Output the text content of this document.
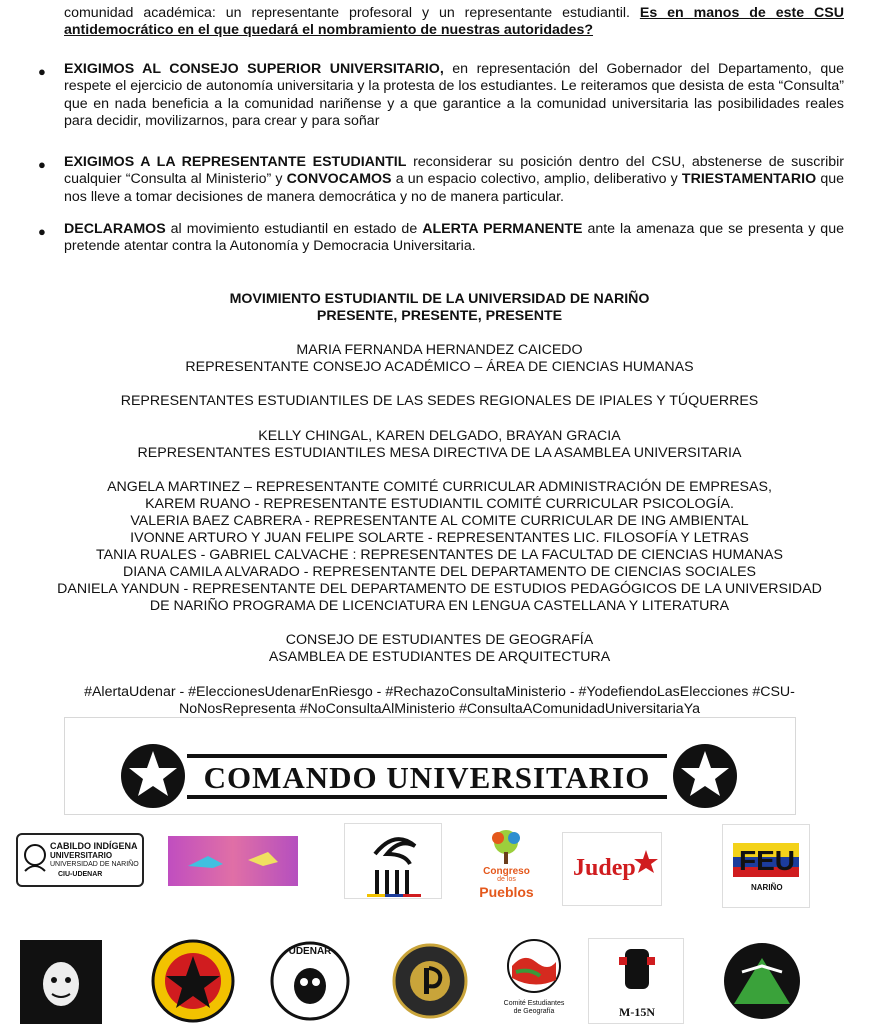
comunidad académica: un representante profesoral y un representante estudiantil. Es en manos de este CSU antidemocrático en el que quedará el nombramiento de nuestras autoridades?
● EXIGIMOS AL CONSEJO SUPERIOR UNIVERSITARIO, en representación del Gobernador del Departamento, que respete el ejercicio de autonomía universitaria y la protesta de los estudiantes. Le reiteramos que desista de esta “Consulta” que en nada beneficia a la comunidad nariñense y a que garantice a la comunidad universitaria las posibilidades reales para decidir, movilizarnos, para crear y para soñar
● EXIGIMOS A LA REPRESENTANTE ESTUDIANTIL reconsiderar su posición dentro del CSU, abstenerse de suscribir cualquier “Consulta al Ministerio” y CONVOCAMOS a un espacio colectivo, amplio, deliberativo y TRIESTAMENTARIO que nos lleve a tomar decisiones de manera democrática y no de manera particular.
● DECLARAMOS al movimiento estudiantil en estado de ALERTA PERMANENTE ante la amenaza que se presenta y que pretende atentar contra la Autonomía y Democracia Universitaria.
MOVIMIENTO ESTUDIANTIL DE LA UNIVERSIDAD DE NARIÑO
PRESENTE, PRESENTE, PRESENTE
MARIA FERNANDA HERNANDEZ CAICEDO
REPRESENTANTE CONSEJO ACADÉMICO – ÁREA DE CIENCIAS HUMANAS
REPRESENTANTES ESTUDIANTILES DE LAS SEDES REGIONALES DE IPIALES Y TÚQUERRES
KELLY CHINGAL, KAREN DELGADO, BRAYAN GRACIA
REPRESENTANTES ESTUDIANTILES MESA DIRECTIVA DE LA ASAMBLEA UNIVERSITARIA
ANGELA MARTINEZ – REPRESENTANTE COMITÉ CURRICULAR ADMINISTRACIÓN DE EMPRESAS,
KAREM RUANO - REPRESENTANTE ESTUDIANTIL COMITÉ CURRICULAR PSICOLOGÍA.
VALERIA BAEZ CABRERA - REPRESENTANTE AL COMITE CURRICULAR DE ING AMBIENTAL
IVONNE ARTURO Y JUAN FELIPE SOLARTE - REPRESENTANTES LIC. FILOSOFÍA Y LETRAS
TANIA RUALES - GABRIEL CALVACHE : REPRESENTANTES DE LA FACULTAD DE CIENCIAS HUMANAS
DIANA CAMILA ALVARADO - REPRESENTANTE DEL DEPARTAMENTO DE CIENCIAS SOCIALES
DANIELA YANDUN - REPRESENTANTE DEL DEPARTAMENTO DE ESTUDIOS PEDAGÓGICOS DE LA UNIVERSIDAD
DE NARIÑO PROGRAMA DE LICENCIATURA EN LENGUA CASTELLANA Y LITERATURA
CONSEJO DE ESTUDIANTES DE GEOGRAFÍA
ASAMBLEA DE ESTUDIANTES DE ARQUITECTURA
#AlertaUdenar - #EleccionesUdenarEnRiesgo - #RechazoConsultaMinisterio - #YodefiendoLasElecciones #CSU-
NoNosRepresenta #NoConsultaAlMinisterio #ConsultaAComunidadUniversitariaYa
COMANDO UNIVERSITARIO
CABILDO INDÍGENA
UNIVERSITARIO
UNIVERSIDAD DE NARIÑO
CIU-UDENAR	Congreso
de los
Pueblos
Judep	FEU
NARIÑO
UDENAR
Comité Estudiantes
de Geografía	M-15N
